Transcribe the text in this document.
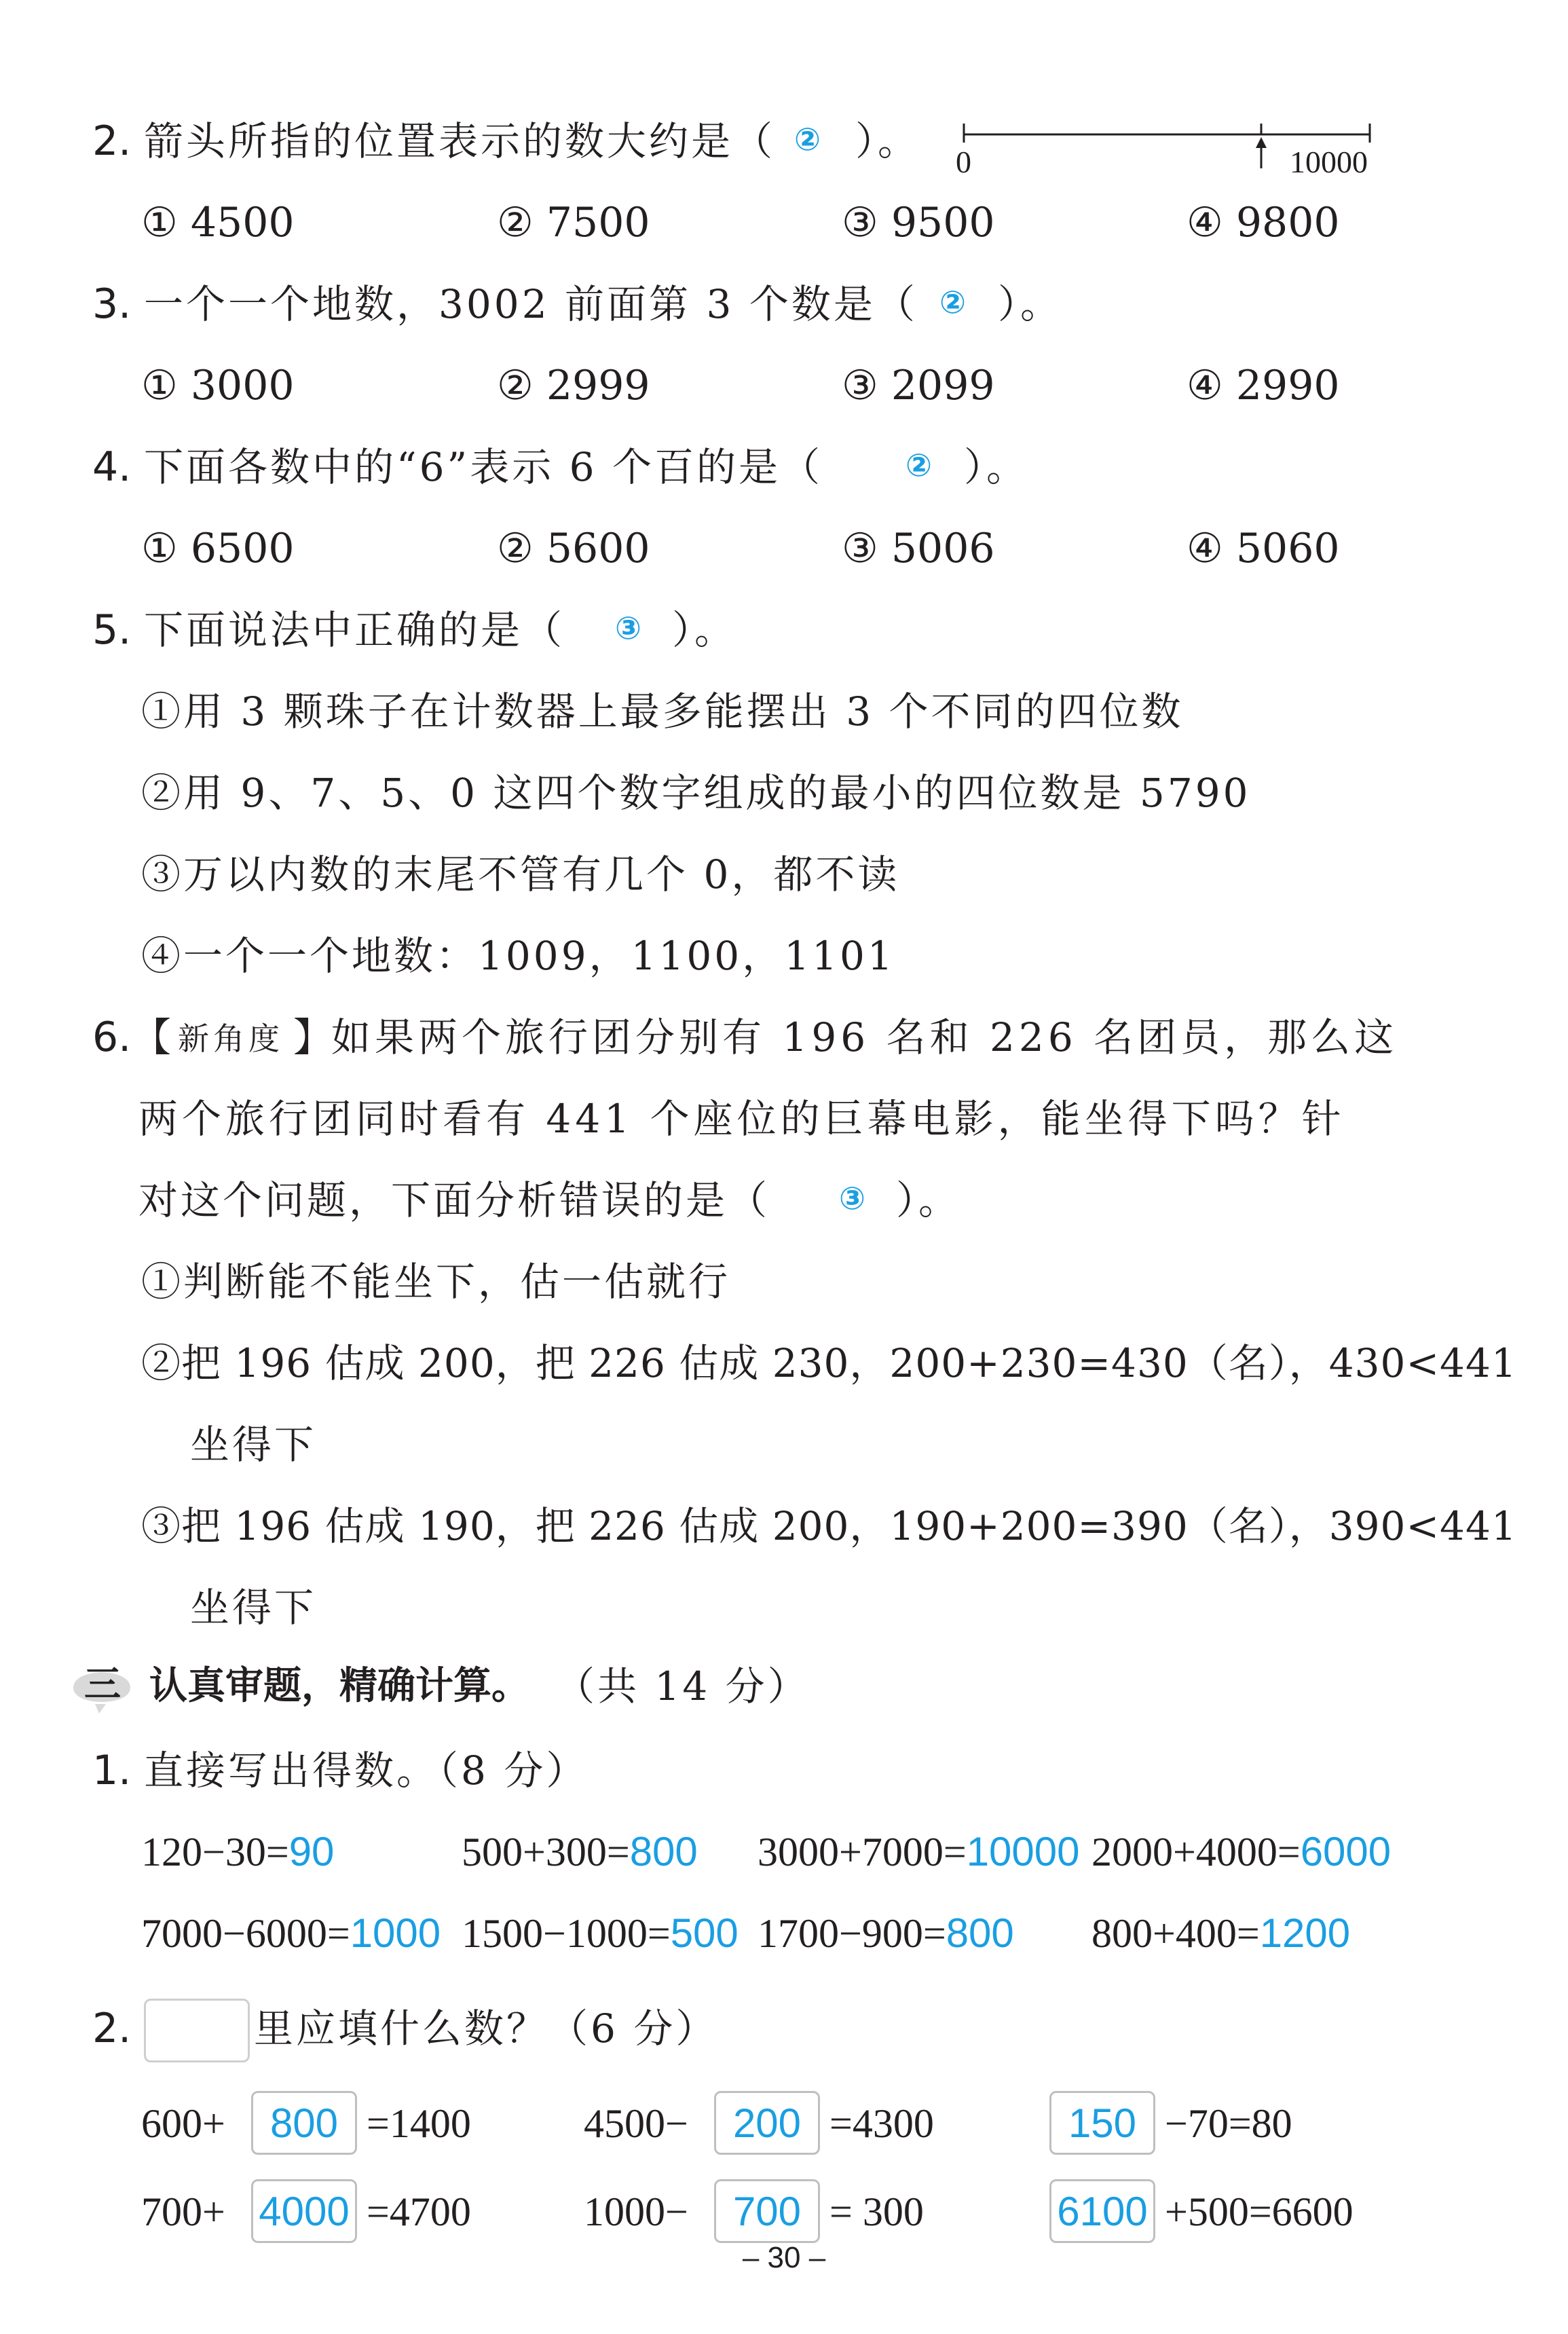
2. 箭头所指的位置表示的数大约是（ ② ）。 0	10000
① 4500	② 7500	③ 9500	④ 9800
3. 一个一个地数，3002 前面第 3 个数是（ ② ）。
① 3000	② 2999	③ 2099	④ 2990
4. 下面各数中的“6”表示 6 个百的是（	② ）。
① 6500	② 5600	③ 5006	④ 5060
5. 下面说法中正确的是（ ③ ）。
①用 3 颗珠子在计数器上最多能摆出 3 个不同的四位数
②用 9、7、5、0 这四个数字组成的最小的四位数是 5790
③万以内数的末尾不管有几个 0，都不读
④一个一个地数：1009，1100，1101
6. 【 新角度 】
如果两个旅行团分别有 196 名和 226 名团员，那么这
两个旅行团同时看有 441 个座位的巨幕电影，能坐得下吗？针
对这个问题，下面分析错误的是（ ③ ）。
①判断能不能坐下，估一估就行
②把 196 估成 200，把 226 估成 230，200+230=430（名），430<441
坐得下
③把 196 估成 190，把 226 估成 200，190+200=390（名），390<441
坐得下
三 认真审题，精确计算。 （共 14 分）
1. 直接写出得数。（8 分）
120−30=90	500+300=800 3000+7000=10000 2000+4000=6000
7000−6000=1000 1500−1000=500 1700−900=800 800+400=1200
2.	里应填什么数？（6 分）
600+	800 =1400	4500−	200 =4300	150 −70=80
700+ 4000 =4700	1000−	700 = 300	6100 +500=6600
– 30 –
